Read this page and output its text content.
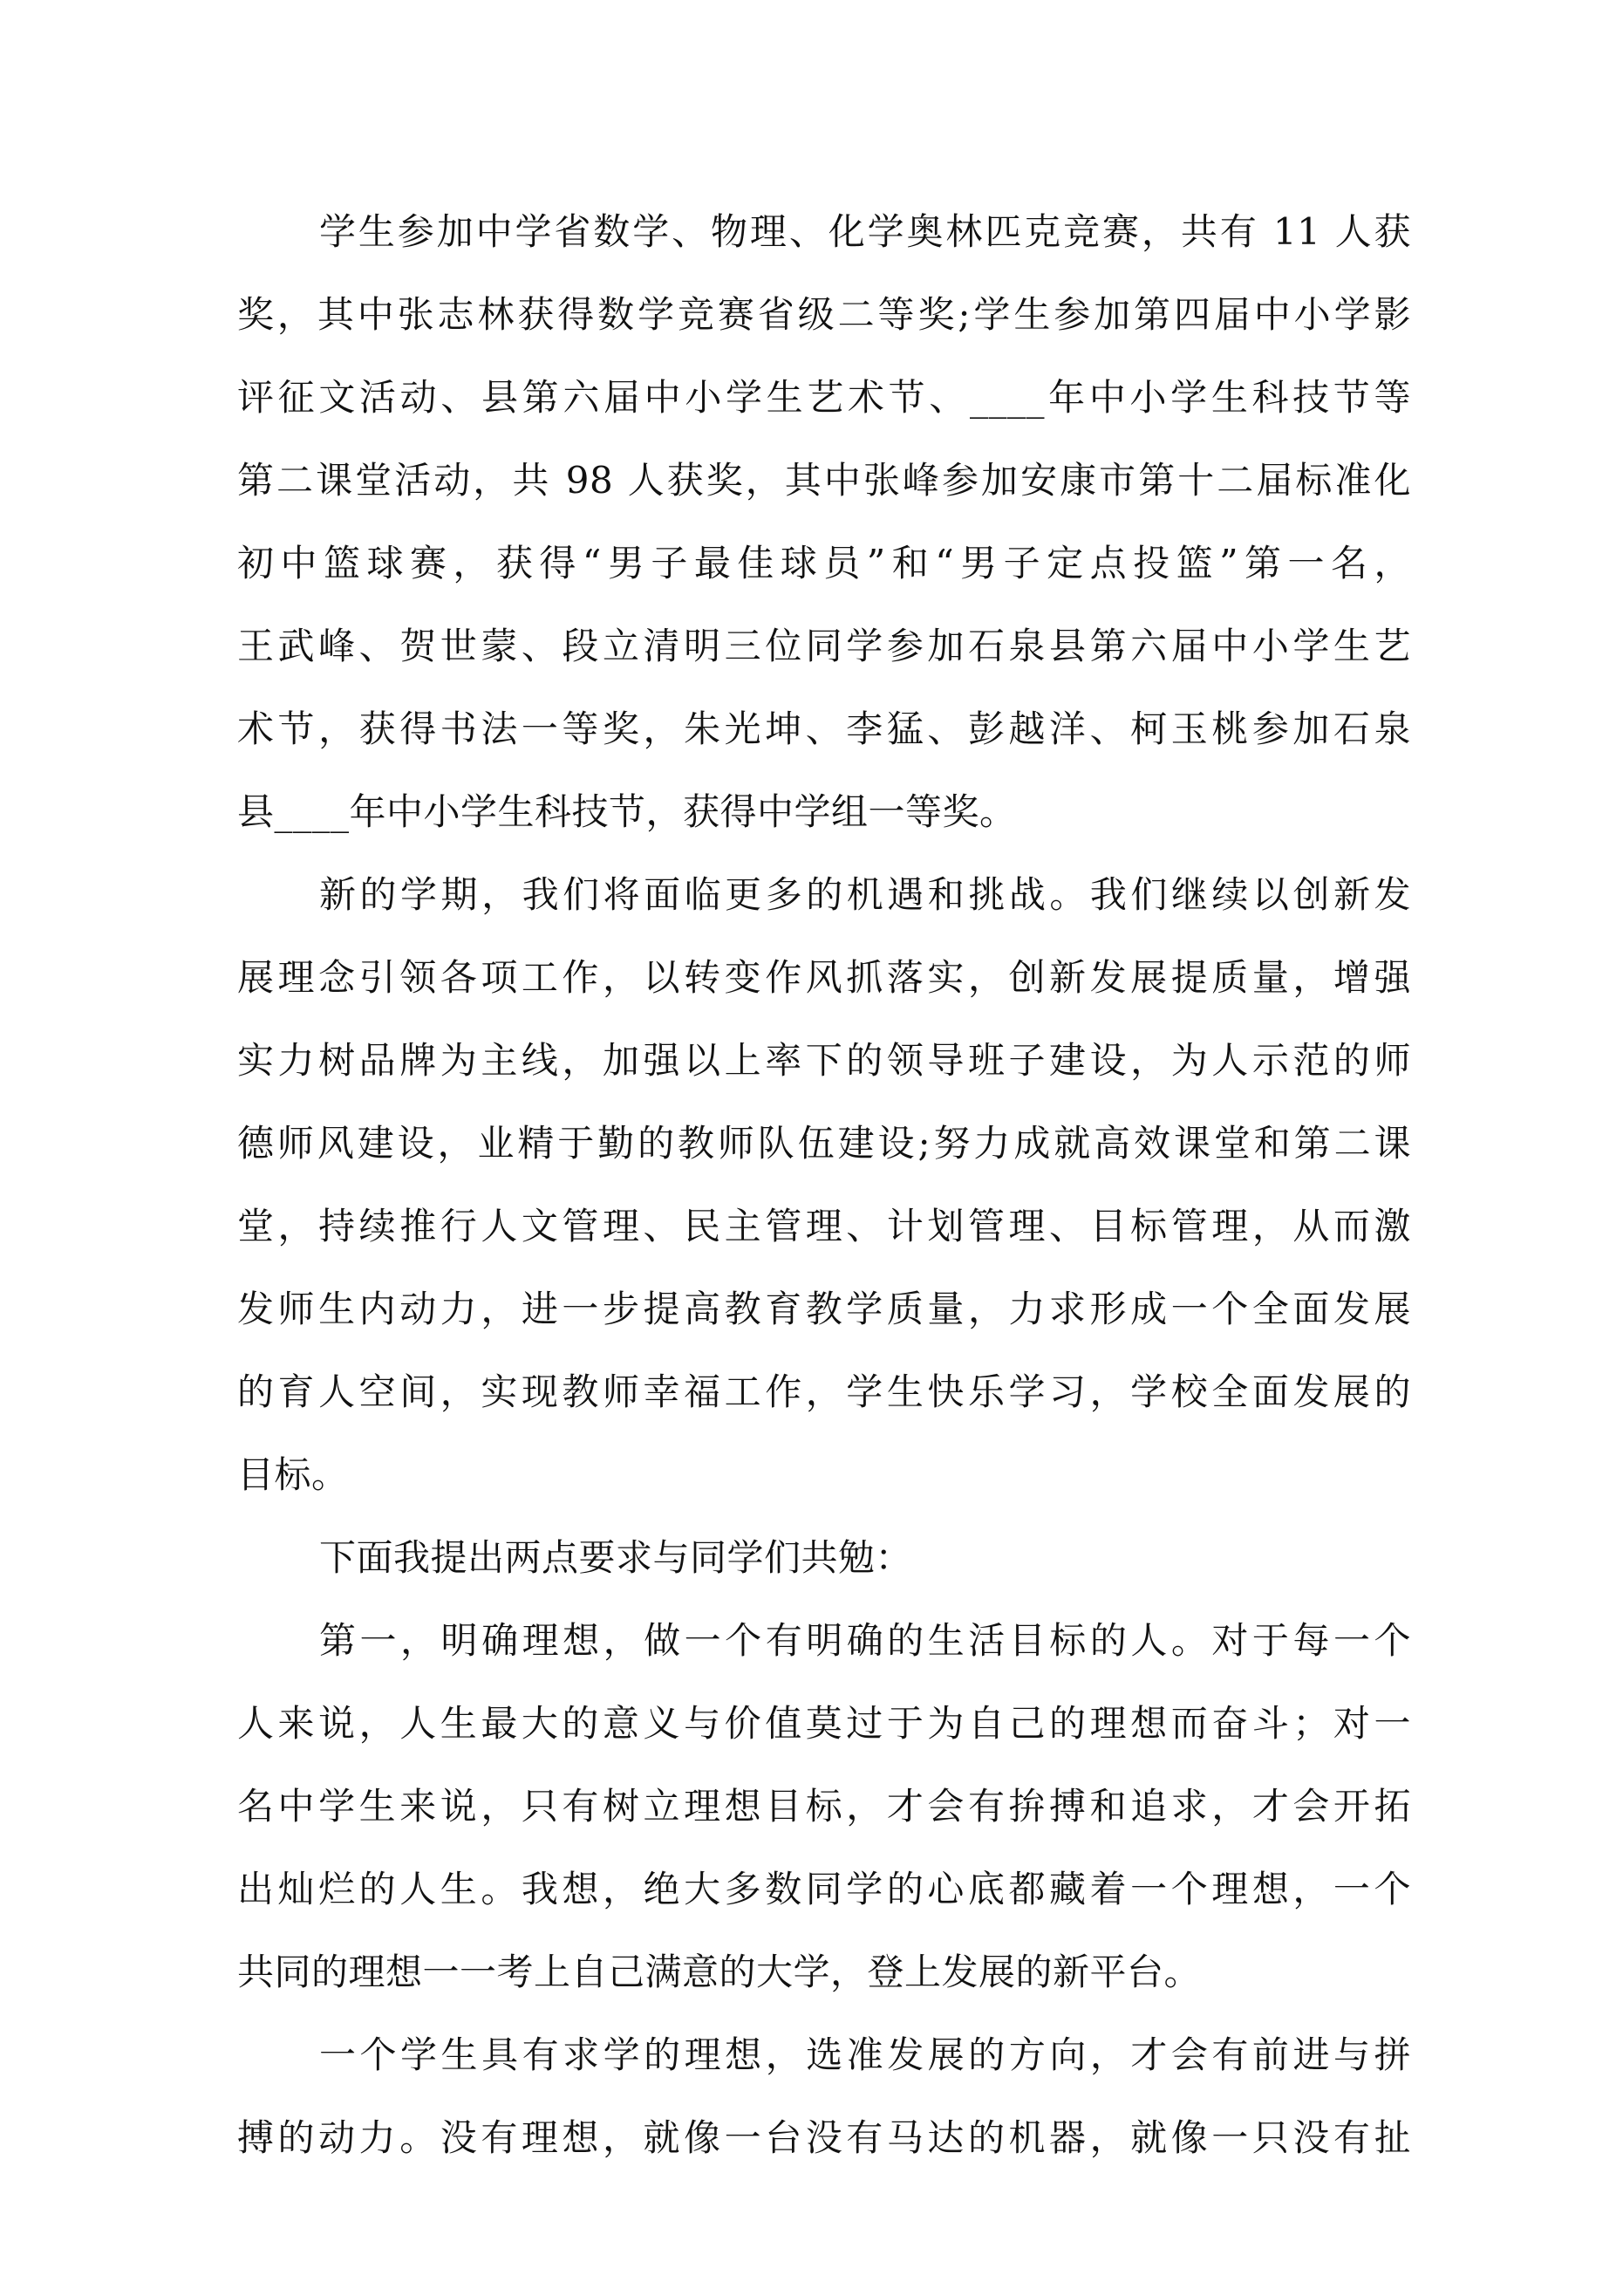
学生参加中学省数学、物理、化学奥林匹克竞赛，共有 11 人获
奖，其中张志林获得数学竞赛省级二等奖;学生参加第四届中小学影
评征文活动、县第六届中小学生艺术节、____年中小学生科技节等
第二课堂活动，共 98 人获奖，其中张峰参加安康市第十二届标准化
初中篮球赛，获得“男子最佳球员”和“男子定点投篮”第一名，
王武峰、贺世蒙、段立清明三位同学参加石泉县第六届中小学生艺
术节，获得书法一等奖，朱光坤、李猛、彭越洋、柯玉桃参加石泉
县____年中小学生科技节，获得中学组一等奖。
新的学期，我们将面临更多的机遇和挑战。我们继续以创新发
展理念引领各项工作，以转变作风抓落实，创新发展提质量，增强
实力树品牌为主线，加强以上率下的领导班子建设，为人示范的师
德师风建设，业精于勤的教师队伍建设;努力成就高效课堂和第二课
堂，持续推行人文管理、民主管理、计划管理、目标管理，从而激
发师生内动力，进一步提高教育教学质量，力求形成一个全面发展
的育人空间，实现教师幸福工作，学生快乐学习，学校全面发展的
目标。
下面我提出两点要求与同学们共勉：
第一，明确理想，做一个有明确的生活目标的人。对于每一个
人来说，人生最大的意义与价值莫过于为自己的理想而奋斗；对一
名中学生来说，只有树立理想目标，才会有拚搏和追求，才会开拓
出灿烂的人生。我想，绝大多数同学的心底都藏着一个理想，一个
共同的理想一一考上自己满意的大学，登上发展的新平台。
一个学生具有求学的理想，选准发展的方向，才会有前进与拼
搏的动力。没有理想，就像一台没有马达的机器，就像一只没有扯
